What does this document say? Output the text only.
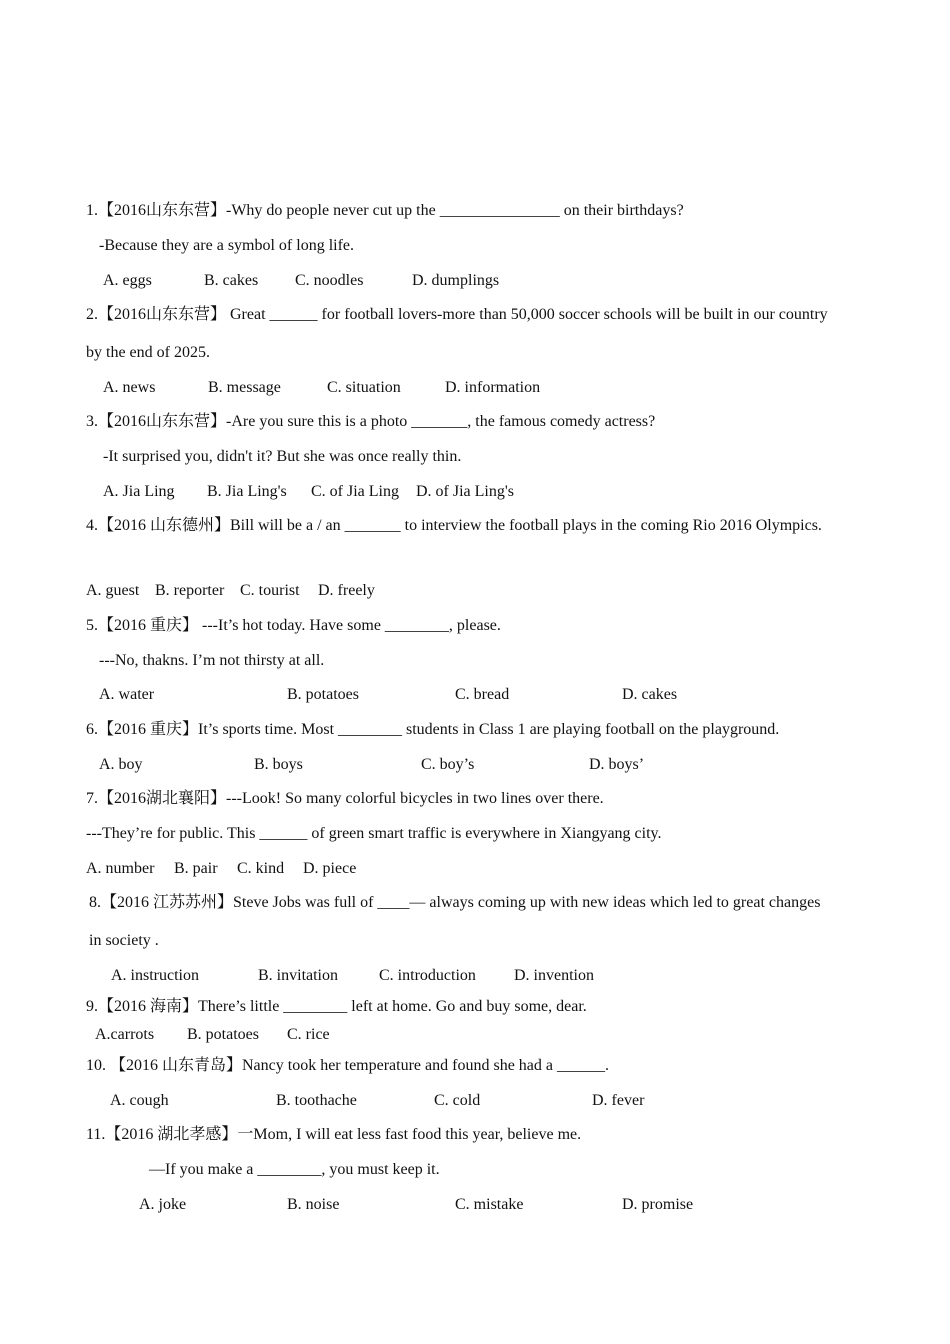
1.【2016山东东营】-Why do people never cut up the _______________ on their birthdays?
-Because they are a symbol of long life.
A. eggs	B. cakes C. noodles	D. dumplings
2.【2016山东东营】 Great ______ for football lovers-more than 50,000 soccer schools will be built in our country
by the end of 2025.
A. news	B. message	C. situation	D. information
3.【2016山东东营】-Are you sure this is a photo _______, the famous comedy actress?
-It surprised you, didn't it? But she was once really thin.
A. Jia Ling B. Jia Ling's C. of Jia Ling D. of Jia Ling's
4.【2016 山东德州】Bill will be a / an _______ to interview the football plays in the coming Rio 2016 Olympics.
A. guest B. reporter C. tourist D. freely
5.【2016 重庆】 ---It’s hot today. Have some ________, please.
---No, thakns. I’m not thirsty at all.
A. water	B. potatoes	C. bread	D. cakes
6.【2016 重庆】It’s sports time. Most ________ students in Class 1 are playing football on the playground.
A. boy	B. boys	C. boy’s	D. boys’
7.【2016湖北襄阳】---Look! So many colorful bicycles in two lines over there.
---They’re for public. This ______ of green smart traffic is everywhere in Xiangyang city.
A. number B. pair C. kind D. piece
8.【2016 江苏苏州】Steve Jobs was full of ____— always coming up with new ideas which led to great changes
in society .
A. instruction	B. invitation	C. introduction D. invention
9.【2016 海南】There’s little ________ left at home. Go and buy some, dear.
A.carrots B. potatoes C. rice
10. 【2016 山东青岛】Nancy took her temperature and found she had a ______.
A. cough	B. toothache	C. cold	D. fever
11.【2016 湖北孝感】一Mom, I will eat less fast food this year, believe me.
—If you make a ________, you must keep it.
A. joke	B. noise	C. mistake	D. promise
